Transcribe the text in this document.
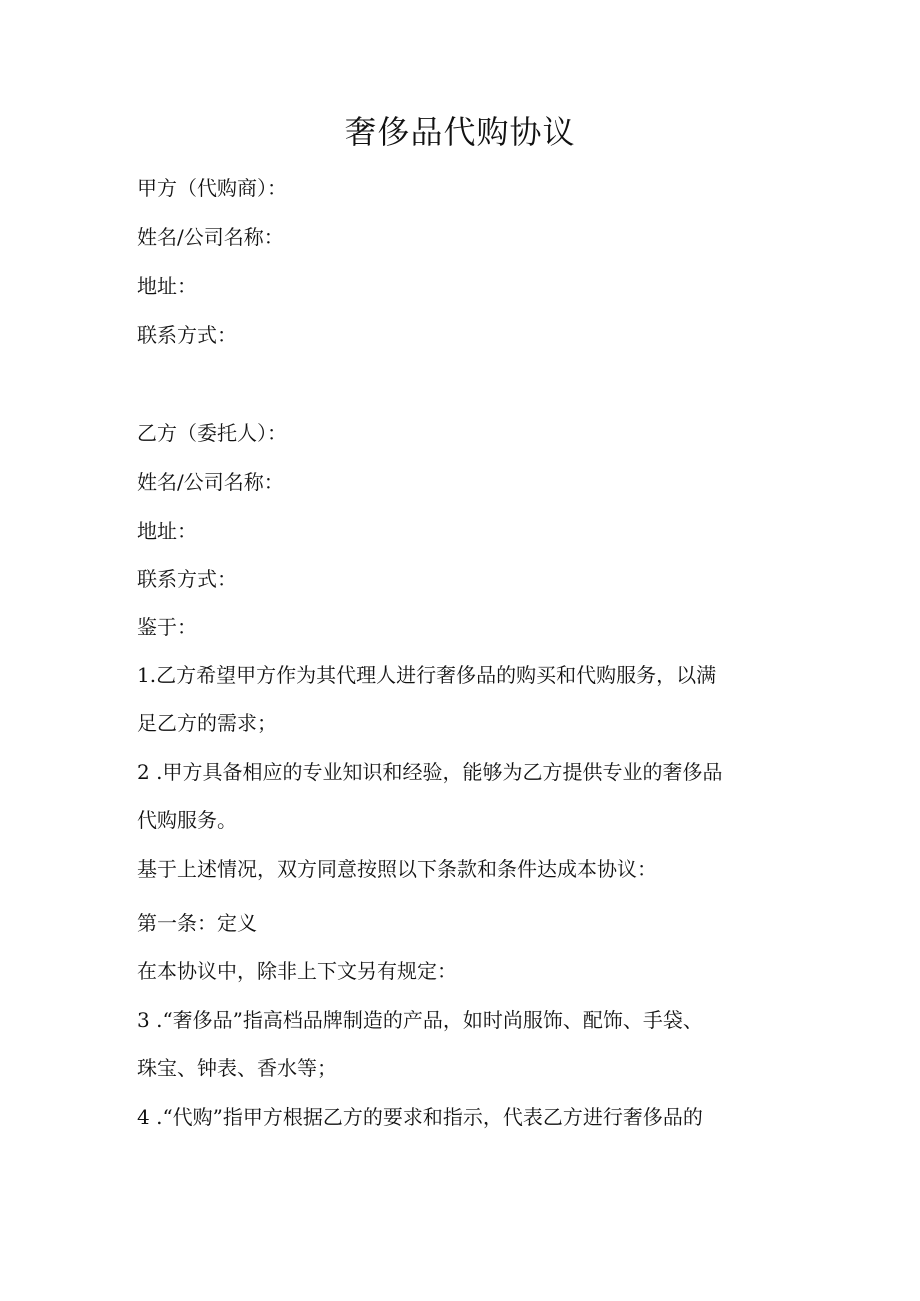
奢侈品代购协议
甲方（代购商）：
姓名/公司名称：
地址：
联系方式：
乙方（委托人）：
姓名/公司名称：
地址：
联系方式：
鉴于：
1.乙方希望甲方作为其代理人进行奢侈品的购买和代购服务，以满
足乙方的需求；
2 .甲方具备相应的专业知识和经验，能够为乙方提供专业的奢侈品
代购服务。
基于上述情况，双方同意按照以下条款和条件达成本协议：
第一条：定义
在本协议中，除非上下文另有规定：
3 .“奢侈品”指高档品牌制造的产品，如时尚服饰、配饰、手袋、
珠宝、钟表、香水等；
4 .“代购”指甲方根据乙方的要求和指示，代表乙方进行奢侈品的
